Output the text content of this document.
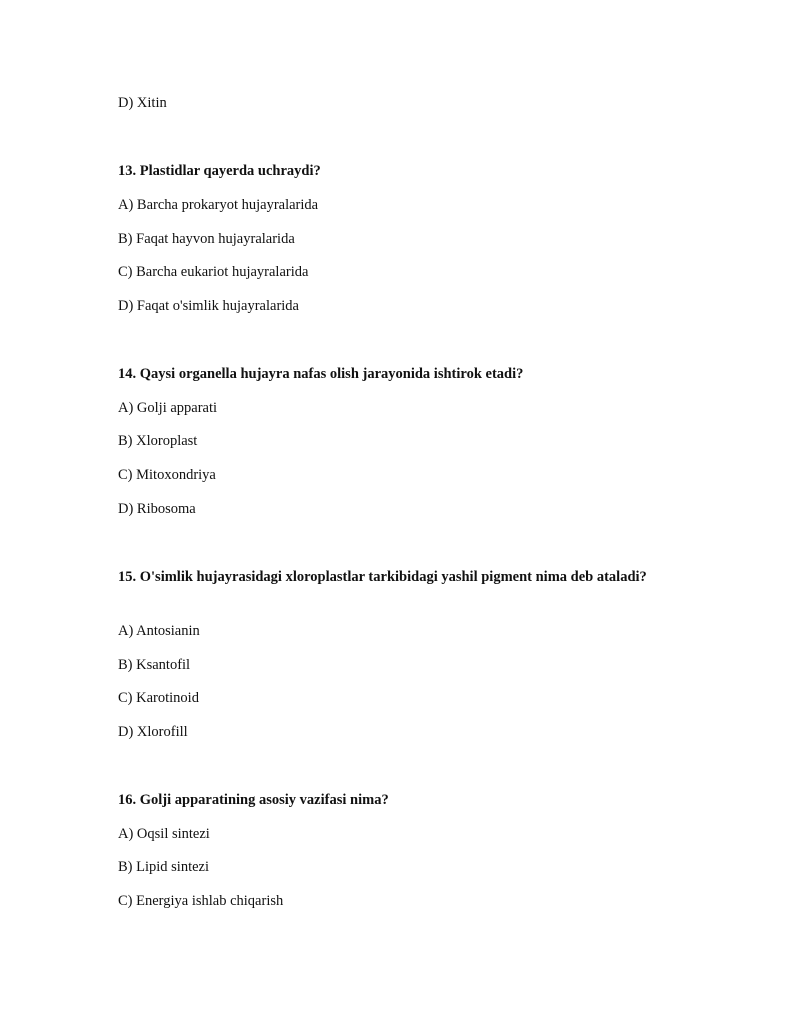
D) Xitin
13. Plastidlar qayerda uchraydi?
A) Barcha prokaryot hujayralarida
B) Faqat hayvon hujayralarida
C) Barcha eukariot hujayralarida
D) Faqat o'simlik hujayralarida
14. Qaysi organella hujayra nafas olish jarayonida ishtirok etadi?
A) Golji apparati
B) Xloroplast
C) Mitoxondriya
D) Ribosoma
15. O'simlik hujayrasidagi xloroplastlar tarkibidagi yashil pigment nima deb ataladi?
A) Antosianin
B) Ksantofil
C) Karotinoid
D) Xlorofill
16. Golji apparatining asosiy vazifasi nima?
A) Oqsil sintezi
B) Lipid sintezi
C) Energiya ishlab chiqarish
